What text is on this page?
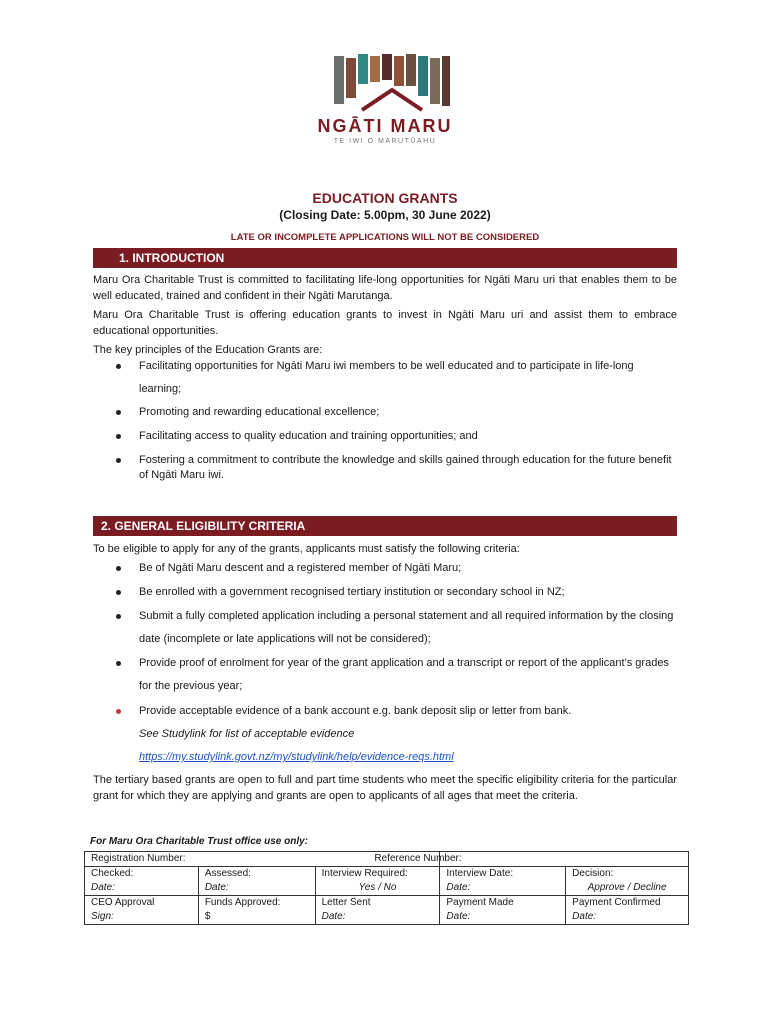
NGĀTI MARU
TE IWI O MARUTŪAHU
EDUCATION GRANTS
(Closing Date: 5.00pm, 30 June 2022)
LATE OR INCOMPLETE APPLICATIONS WILL NOT BE CONSIDERED
1. INTRODUCTION
Maru Ora Charitable Trust is committed to facilitating life-long opportunities for Ngāti Maru uri that enables them to be well educated, trained and confident in their Ngāti Marutanga.
Maru Ora Charitable Trust is offering education grants to invest in Ngāti Maru uri and assist them to embrace educational opportunities.
The key principles of the Education Grants are:
Facilitating opportunities for Ngāti Maru iwi members to be well educated and to participate in life-long learning;
Promoting and rewarding educational excellence;
Facilitating access to quality education and training opportunities; and
Fostering a commitment to contribute the knowledge and skills gained through education for the future benefit of Ngāti Maru iwi.
2. GENERAL ELIGIBILITY CRITERIA
To be eligible to apply for any of the grants, applicants must satisfy the following criteria:
Be of Ngāti Maru descent and a registered member of Ngāti Maru;
Be enrolled with a government recognised tertiary institution or secondary school in NZ;
Submit a fully completed application including a personal statement and all required information by the closing date (incomplete or late applications will not be considered);
Provide proof of enrolment for year of the grant application and a transcript or report of the applicant’s grades for the previous year;
Provide acceptable evidence of a bank account e.g. bank deposit slip or letter from bank.
See Studylink for list of acceptable evidence
https://my.studylink.govt.nz/my/studylink/help/evidence-reqs.html
The tertiary based grants are open to full and part time students who meet the specific eligibility criteria for the particular grant for which they are applying and grants are open to applicants of all ages that meet the criteria.
For Maru Ora Charitable Trust office use only:
Registration Number:	Reference Number:
Checked:	Assessed:	Interview Required:	Interview Date:	Decision:
Date:	Date:	Yes / No	Date:	Approve / Decline
CEO Approval	Funds Approved:	Letter Sent	Payment Made	Payment Confirmed
Sign:	$	Date:	Date:	Date:
